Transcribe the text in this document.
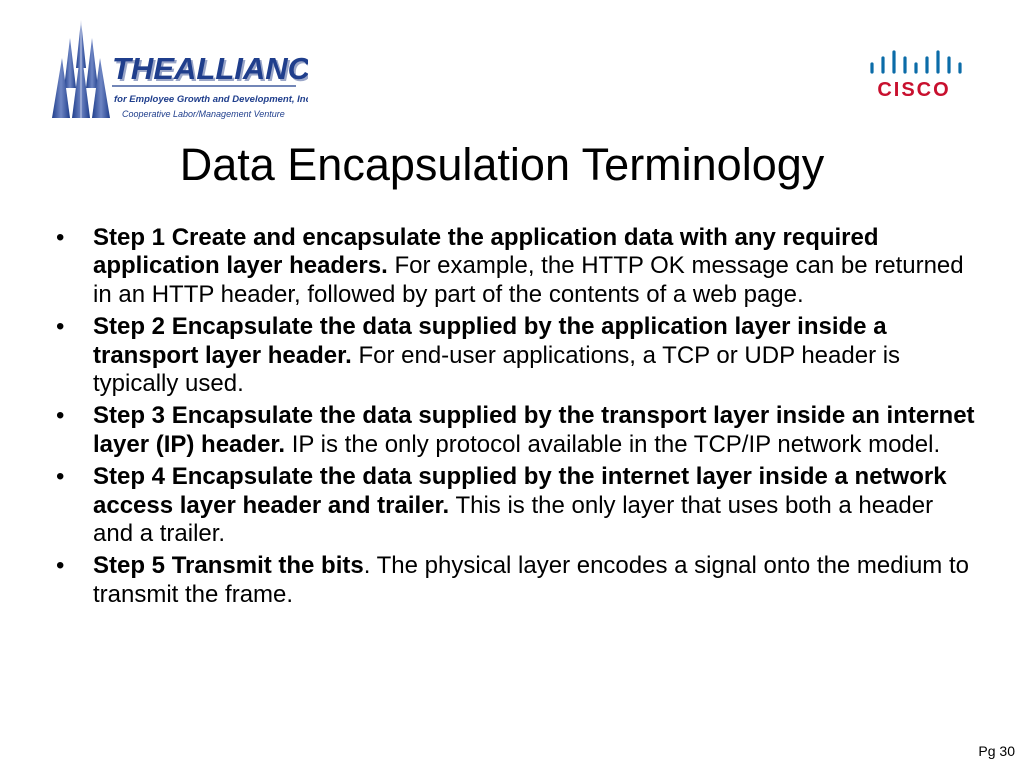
THEALLIAN
THEALLIANC
for Employee Growth and Development, Inc.
Cooperative Labor/Management Venture
CISCO
Data Encapsulation Terminology
• Step 1 Create and encapsulate the application data with any required application layer headers. For example, the HTTP OK message can be returned in an HTTP header, followed by part of the contents of a web page.
• Step 2 Encapsulate the data supplied by the application layer inside a transport layer header. For end-user applications, a TCP or UDP header is typically used.
• Step 3 Encapsulate the data supplied by the transport layer inside an internet layer (IP) header. IP is the only protocol available in the TCP/IP network model.
• Step 4 Encapsulate the data supplied by the internet layer inside a network access layer header and trailer. This is the only layer that uses both a header and a trailer.
• Step 5 Transmit the bits. The physical layer encodes a signal onto the medium to transmit the frame.
Pg 30
